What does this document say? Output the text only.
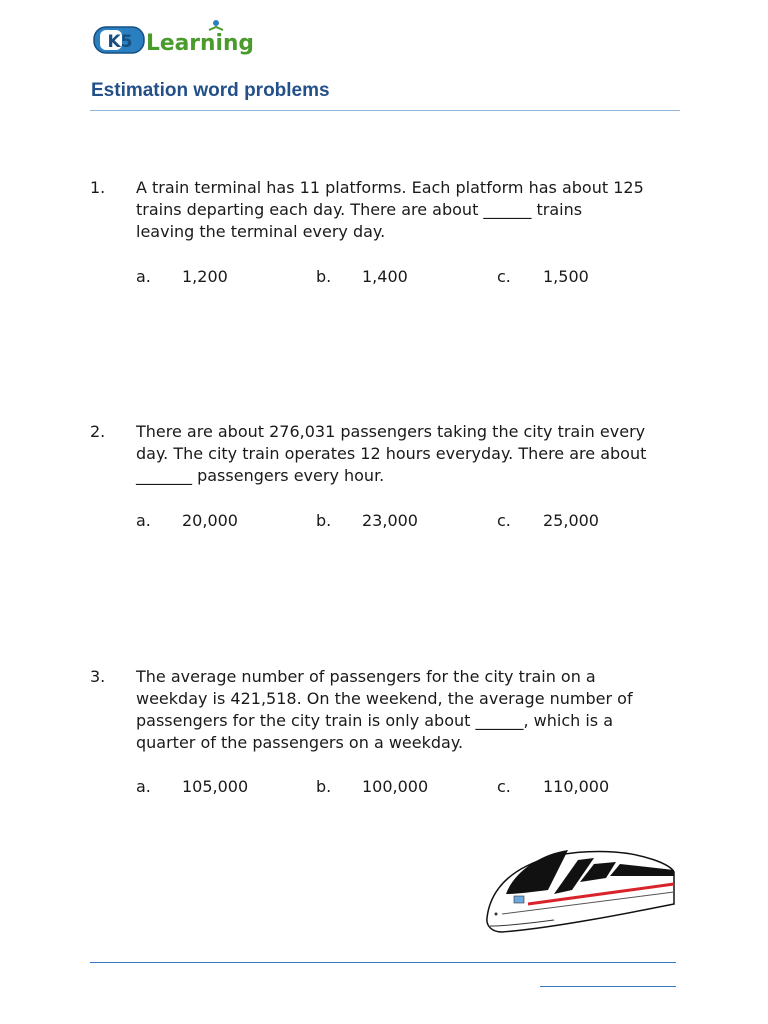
K5 Learning
Estimation word problems
1. A train terminal has 11 platforms. Each platform has about 125
trains departing each day. There are about ______ trains
leaving the terminal every day.
a. 1,200	b. 1,400	c. 1,500
2. There are about 276,031 passengers taking the city train every
day. The city train operates 12 hours everyday. There are about
_______ passengers every hour.
a. 20,000	b. 23,000	c. 25,000
3. The average number of passengers for the city train on a
weekday is 421,518. On the weekend, the average number of
passengers for the city train is only about ______, which is a
quarter of the passengers on a weekday.
a. 105,000	b. 100,000	c. 110,000
